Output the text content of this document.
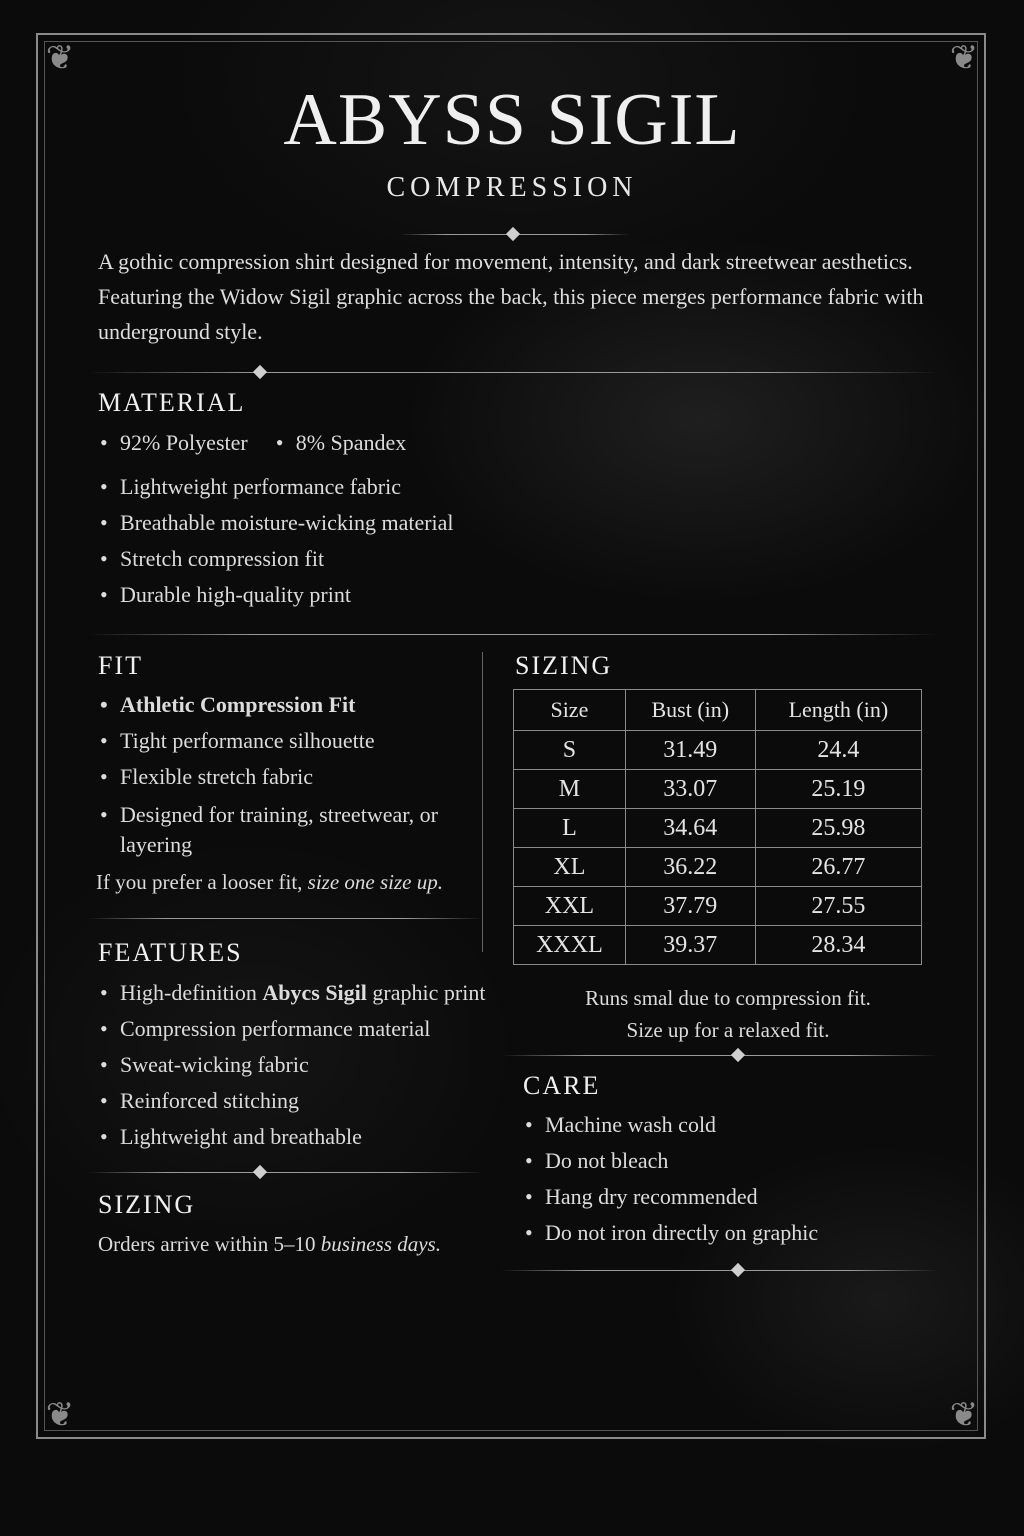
❦	❦
❦	❦
ABYSS SIGIL
COMPRESSION
A gothic compression shirt designed for movement, intensity, and dark streetwear aesthetics. Featuring the Widow Sigil graphic across the back, this piece merges performance fabric with underground style.
MATERIAL
• 92% Polyester	• 8% Spandex
• Lightweight performance fabric
• Breathable moisture-wicking material
• Stretch compression fit
• Durable high-quality print
FIT
• Athletic Compression Fit
• Tight performance silhouette
• Flexible stretch fabric
• Designed for training, streetwear, or layering
If you prefer a looser fit, size one size up.
SIZING
Size	Bust (in)	Length (in)
S	31.49	24.4
M	33.07	25.19
L	34.64	25.98
XL	36.22	26.77
XXL	37.79	27.55
XXXL	39.37	28.34
Runs smal due to compression fit.
Size up for a relaxed fit.
FEATURES
• High-definition Abycs Sigil graphic print
• Compression performance material
• Sweat-wicking fabric
• Reinforced stitching
• Lightweight and breathable
SIZING
Orders arrive within 5–10 business days.
CARE
• Machine wash cold
• Do not bleach
• Hang dry recommended
• Do not iron directly on graphic
